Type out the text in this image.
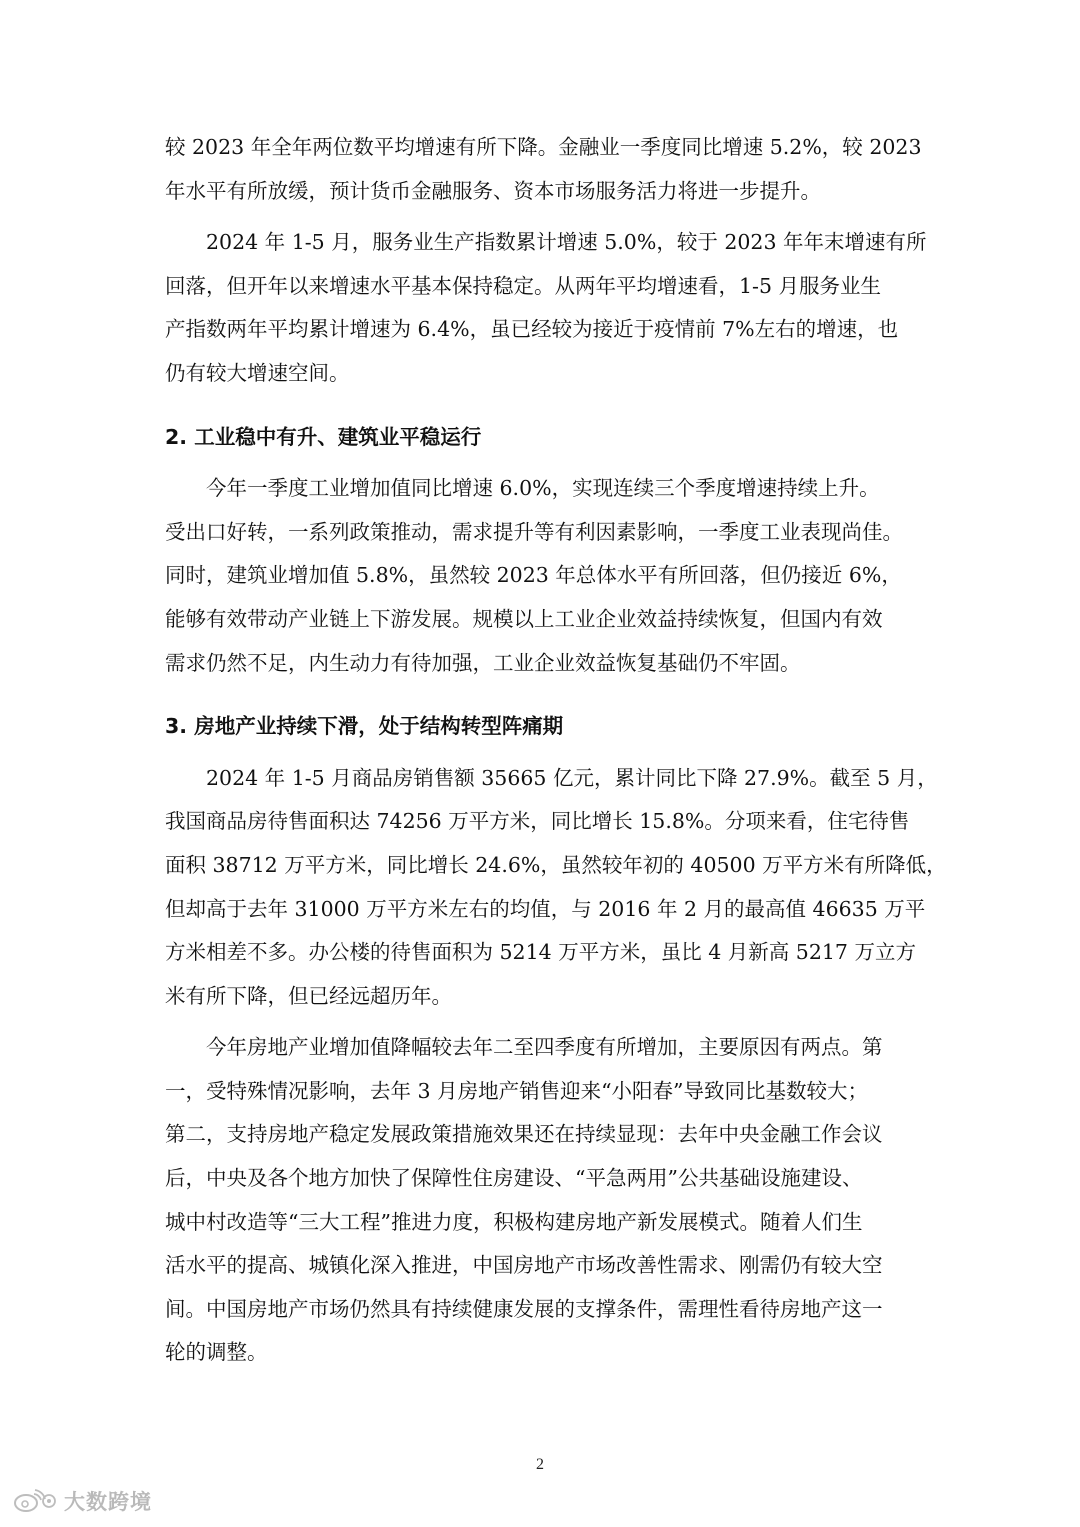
较 2023 年全年两位数平均增速有所下降。金融业一季度同比增速 5.2%，较 2023
年水平有所放缓，预计货币金融服务、资本市场服务活力将进一步提升。

2024 年 1-5 月，服务业生产指数累计增速 5.0%，较于 2023 年年末增速有所
回落，但开年以来增速水平基本保持稳定。从两年平均增速看，1-5 月服务业生
产指数两年平均累计增速为 6.4%，虽已经较为接近于疫情前 7%左右的增速，也
仍有较大增速空间。

2. 工业稳中有升、建筑业平稳运行

今年一季度工业增加值同比增速 6.0%，实现连续三个季度增速持续上升。
受出口好转，一系列政策推动，需求提升等有利因素影响，一季度工业表现尚佳。
同时，建筑业增加值 5.8%，虽然较 2023 年总体水平有所回落，但仍接近 6%，
能够有效带动产业链上下游发展。规模以上工业企业效益持续恢复，但国内有效
需求仍然不足，内生动力有待加强，工业企业效益恢复基础仍不牢固。

3. 房地产业持续下滑，处于结构转型阵痛期

2024 年 1-5 月商品房销售额 35665 亿元，累计同比下降 27.9%。截至 5 月，
我国商品房待售面积达 74256 万平方米，同比增长 15.8%。分项来看，住宅待售
面积 38712 万平方米，同比增长 24.6%，虽然较年初的 40500 万平方米有所降低，
但却高于去年 31000 万平方米左右的均值，与 2016 年 2 月的最高值 46635 万平
方米相差不多。办公楼的待售面积为 5214 万平方米，虽比 4 月新高 5217 万立方
米有所下降，但已经远超历年。

今年房地产业增加值降幅较去年二至四季度有所增加，主要原因有两点。第
一，受特殊情况影响，去年 3 月房地产销售迎来“小阳春”导致同比基数较大；
第二，支持房地产稳定发展政策措施效果还在持续显现：去年中央金融工作会议
后，中央及各个地方加快了保障性住房建设、“平急两用”公共基础设施建设、
城中村改造等“三大工程”推进力度，积极构建房地产新发展模式。随着人们生
活水平的提高、城镇化深入推进，中国房地产市场改善性需求、刚需仍有较大空
间。中国房地产市场仍然具有持续健康发展的支撑条件，需理性看待房地产这一
轮的调整。

2
大数跨境
